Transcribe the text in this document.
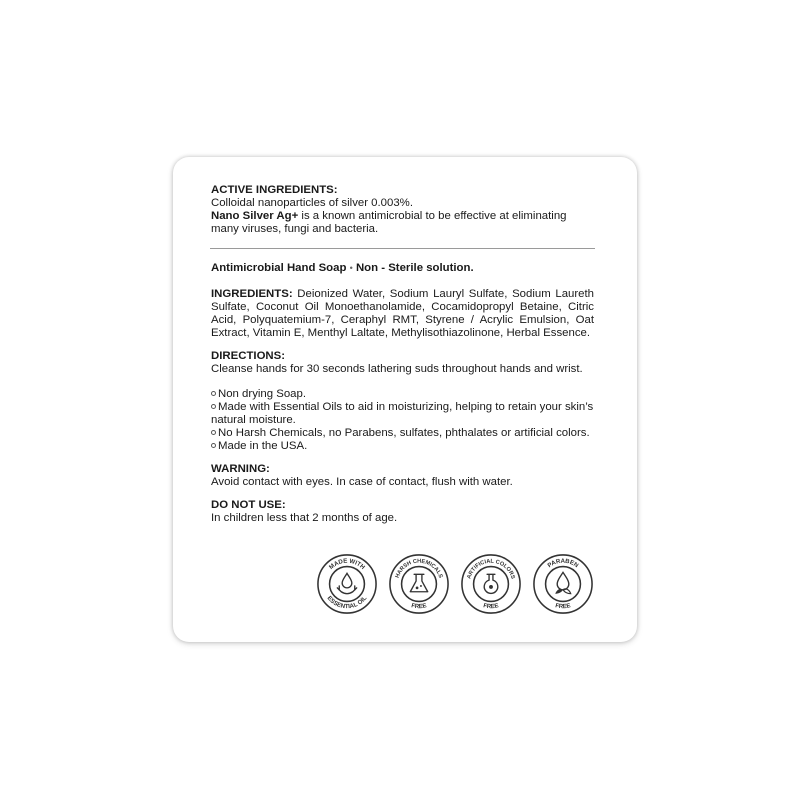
ACTIVE INGREDIENTS:
Colloidal nanoparticles of silver 0.003%.
Nano Silver Ag+ is a known antimicrobial to be effective at eliminating many viruses, fungi and bacteria.
Antimicrobial Hand Soap • Non - Sterile solution.
INGREDIENTS: Deionized Water, Sodium Lauryl Sulfate, Sodium Laureth Sulfate, Coconut Oil Monoethanolamide, Cocamidopropyl Betaine, Citric Acid, Polyquatemium-7, Ceraphyl RMT, Styrene / Acrylic Emulsion, Oat Extract, Vitamin E, Menthyl Laltate, Methylisothiazolinone, Herbal Essence.
DIRECTIONS:
Cleanse hands for 30 seconds lathering suds throughout hands and wrist.
Non drying Soap.
Made with Essential Oils to aid in moisturizing, helping to retain your skin’s natural moisture.
No Harsh Chemicals, no Parabens, sulfates, phthalates or artificial colors.
Made in the USA.
WARNING:
Avoid contact with eyes. In case of contact, flush with water.
DO NOT USE:
In children less that 2 months of age.
MADE WITH
ESSENTIAL OIL
HARSH CHEMICALS
FREE
ARTIFICIAL COLORS
FREE
PARABEN
FREE
